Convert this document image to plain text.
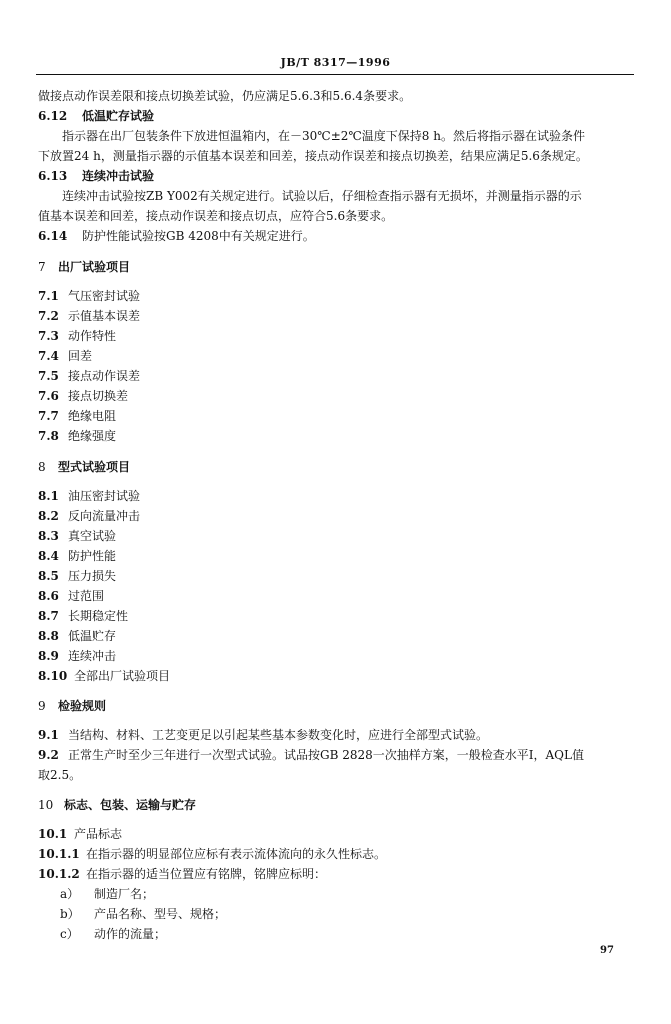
JB/T 8317—1996
做接点动作误差限和接点切换差试验，仍应满足5.6.3和5.6.4条要求。
6.12 低温贮存试验
指示器在出厂包装条件下放进恒温箱内，在－30℃±2℃温度下保持8 h。然后将指示器在试验条件
下放置24 h，测量指示器的示值基本误差和回差，接点动作误差和接点切换差，结果应满足5.6条规定。
6.13 连续冲击试验
连续冲击试验按ZB Y002有关规定进行。试验以后，仔细检查指示器有无损坏，并测量指示器的示
值基本误差和回差，接点动作误差和接点切点，应符合5.6条要求。
6.14 防护性能试验按GB 4208中有关规定进行。
7 出厂试验项目
7.1 气压密封试验
7.2 示值基本误差
7.3 动作特性
7.4 回差
7.5 接点动作误差
7.6 接点切换差
7.7 绝缘电阻
7.8 绝缘强度
8 型式试验项目
8.1 油压密封试验
8.2 反向流量冲击
8.3 真空试验
8.4 防护性能
8.5 压力损失
8.6 过范围
8.7 长期稳定性
8.8 低温贮存
8.9 连续冲击
8.10 全部出厂试验项目
9 检验规则
9.1 当结构、材料、工艺变更足以引起某些基本参数变化时，应进行全部型式试验。
9.2 正常生产时至少三年进行一次型式试验。试品按GB 2828一次抽样方案，一般检查水平Ⅰ，AQL值
取2.5。
10 标志、包装、运输与贮存
10.1 产品标志
10.1.1 在指示器的明显部位应标有表示流体流向的永久性标志。
10.1.2 在指示器的适当位置应有铭牌，铭牌应标明：
a） 制造厂名；
b） 产品名称、型号、规格；
c） 动作的流量；
97
